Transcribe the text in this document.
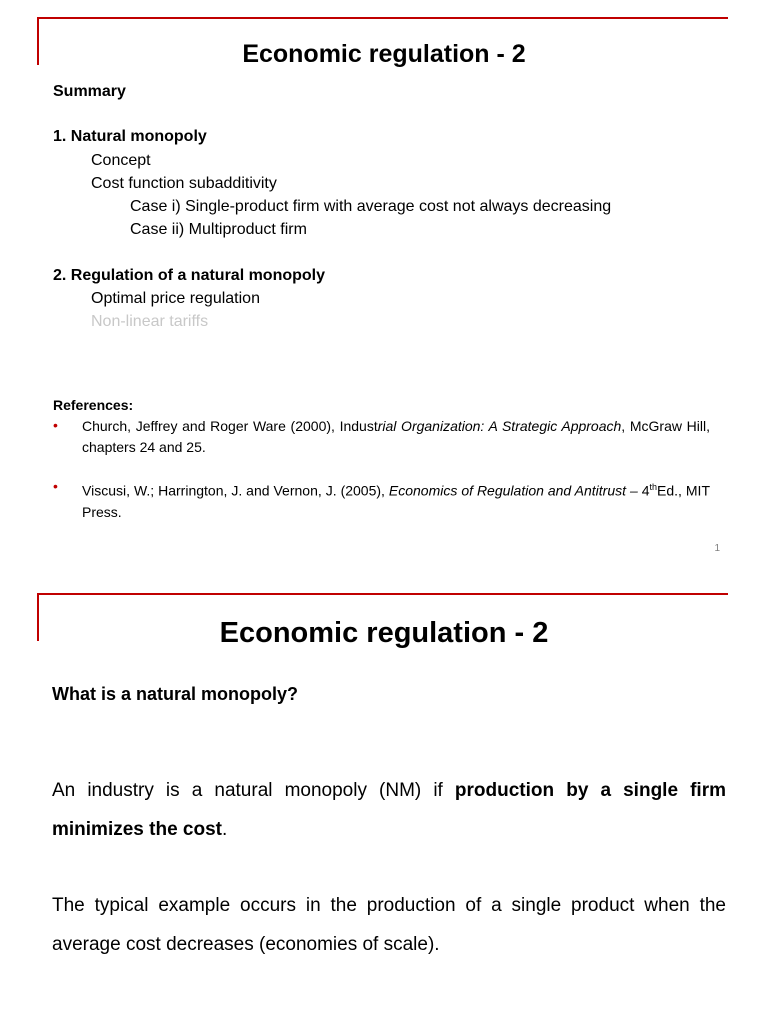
Economic regulation - 2
Summary
1. Natural monopoly
Concept
Cost function subadditivity
Case i) Single-product firm with average cost not always decreasing
Case ii) Multiproduct firm
2. Regulation of a natural monopoly
Optimal price regulation
Non-linear tariffs
References:
• Church, Jeffrey and Roger Ware (2000), Industrial Organization: A Strategic Approach, McGraw Hill, chapters 24 and 25.
• Viscusi, W.; Harrington, J. and Vernon, J. (2005), Economics of Regulation and Antitrust – 4thEd., MIT Press.
1
Economic regulation - 2
What is a natural monopoly?
An industry is a natural monopoly (NM) if production by a single firm minimizes the cost.
The typical example occurs in the production of a single product when the average cost decreases (economies of scale).
